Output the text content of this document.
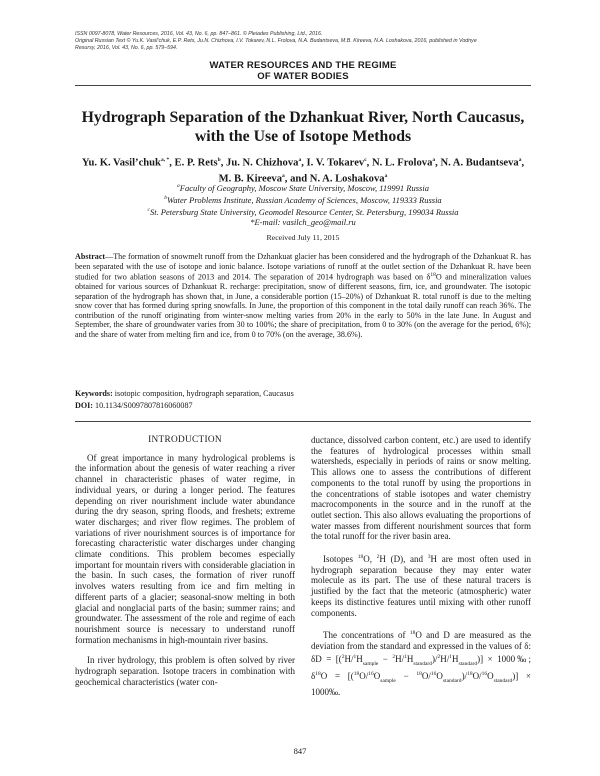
ISSN 0097-8078, Water Resources, 2016, Vol. 43, No. 6, pp. 847–861. © Pleiades Publishing, Ltd., 2016.
Original Russian Text © Yu.K. Vasil’chuk, E.P. Rets, Ju.N. Chizhova, I.V. Tokarev, N.L. Frolova, N.A. Budantseva, M.B. Kireeva, N.A. Loshakova, 2016, published in Vodnye
Resursy, 2016, Vol. 43, No. 6, pp. 579–594.
WATER RESOURCES AND THE REGIME
OF WATER BODIES
Hydrograph Separation of the Dzhankuat River, North Caucasus,
with the Use of Isotope Methods
Yu. K. Vasil’chuk$^{a, *}$, E. P. Rets$^b$, Ju. N. Chizhova$^a$, I. V. Tokarev$^c$, N. L. Frolova$^a$, N. A. Budantseva$^a$,
M. B. Kireeva$^a$, and N. A. Loshakova$^a$
$^a$Faculty of Geography, Moscow State University, Moscow, 119991 Russia
$^b$Water Problems Institute, Russian Academy of Sciences, Moscow, 119333 Russia
$^c$St. Petersburg State University, Geomodel Resource Center, St. Petersburg, 199034 Russia
*E-mail: vasilch_geo@mail.ru
Received July 11, 2015
Abstract—The formation of snowmelt runoff from the Dzhankuat glacier has been considered and the hydrograph of the Dzhankuat R. has been separated with the use of isotope and ionic balance. Isotope variations of runoff at the outlet section of the Dzhankuat R. have been studied for two ablation seasons of 2013 and 2014. The separation of 2014 hydrograph was based on $\delta^{18}O$ and mineralization values obtained for various sources of Dzhankuat R. recharge: precipitation, snow of different seasons, firn, ice, and groundwater. The isotopic separation of the hydrograph has shown that, in June, a considerable portion (15–20%) of Dzhankuat R. total runoff is due to the melting snow cover that has formed during spring snowfalls. In June, the proportion of this component in the total daily runoff can reach 36%. The contribution of the runoff originating from winter-snow melting varies from 20% in the early to 50% in the late June. In August and September, the share of groundwater varies from 30 to 100%; the share of precipitation, from 0 to 30% (on the average for the period, 6%); and the share of water from melting firn and ice, from 0 to 70% (on the average, 38.6%).
Keywords: isotopic composition, hydrograph separation, Caucasus
DOI: 10.1134/S0097807816060087

INTRODUCTION

Of great importance in many hydrological problems is the information about the genesis of water reaching a river channel in characteristic phases of water regime, in individual years, or during a longer period. The features depending on river nourishment include water abundance during the dry season, spring floods, and freshets; extreme water discharges; and river flow regimes. The problem of variations of river nourishment sources is of importance for forecasting characteristic water discharges under changing climate conditions. This problem becomes especially important for mountain rivers with considerable glaciation in the basin. In such cases, the formation of river runoff involves waters resulting from ice and firn melting in different parts of a glacier; seasonal-snow melting in both glacial and nonglacial parts of the basin; summer rains; and groundwater. The assessment of the role and regime of each nourishment source is necessary to understand runoff formation mechanisms in high-mountain river basins.

In river hydrology, this problem is often solved by river hydrograph separation. Isotope tracers in combination with geochemical characteristics (water con-

ductance, dissolved carbon content, etc.) are used to identify the features of hydrological processes within small watersheds, especially in periods of rains or snow melting. This allows one to assess the contributions of different components to the total runoff by using the proportions in the concentrations of stable isotopes and water chemistry macrocomponents in the source and in the runoff at the outlet section. This also allows evaluating the proportions of water masses from different nourishment sources that form the total runoff for the river basin area.

Isotopes $^{18}$O, $^2$H (D), and $^3$H are most often used in hydrograph separation because they may enter water molecule as its part. The use of these natural tracers is justified by the fact that the meteoric (atmospheric) water keeps its distinctive features until mixing with other runoff components.

The concentrations of $^{18}$O and D are measured as the deviation from the standard and expressed in the values of δ: $\delta D = [(^2H/^1H_{sample} - ^2H/^1H_{standard})/^2H/^1H_{standard})$] × 1000‰; $\delta^{18}O = [(^{18}O/^{16}O_{sample} - ^{18}O/^{16}O_{standard})/^{18}O/^{16}O_{standard})$] × 1000‰.

847
